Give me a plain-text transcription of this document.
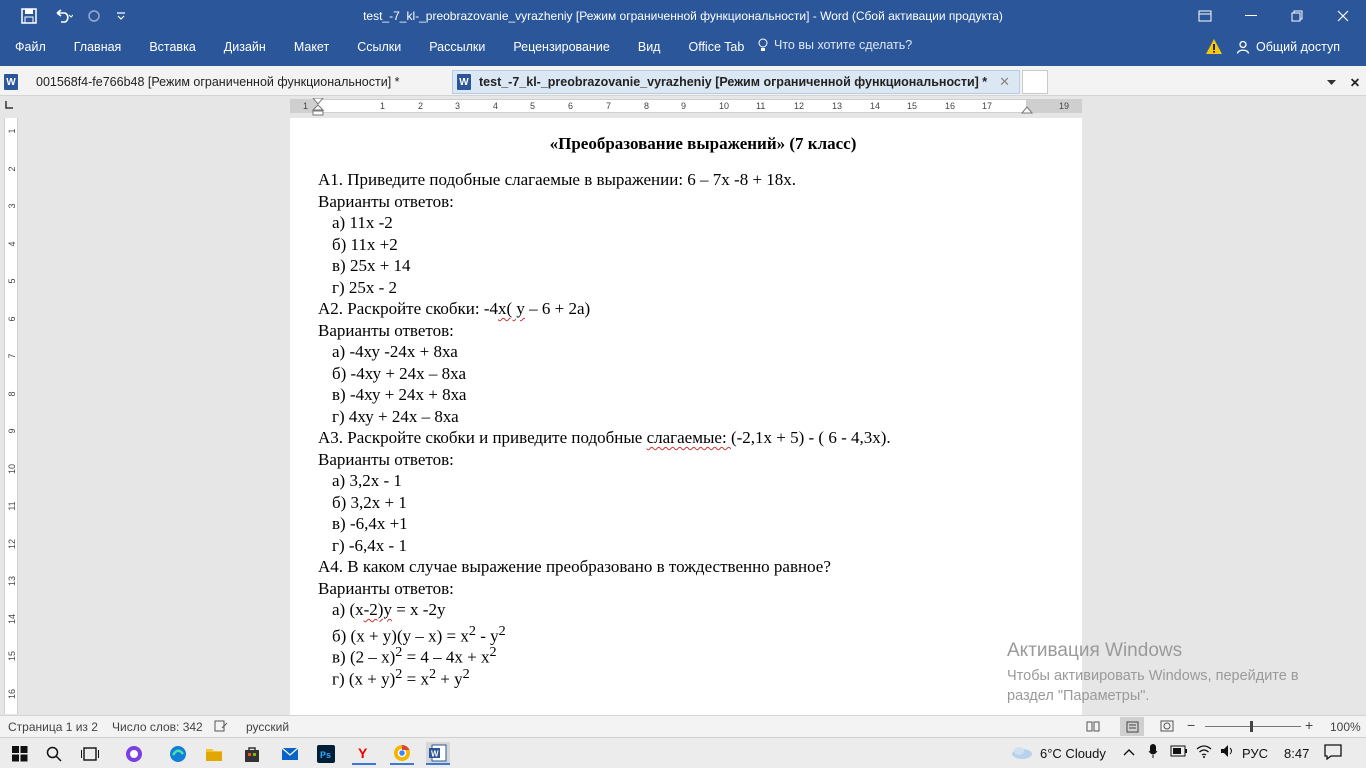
test_-7_kl-_preobrazovanie_vyrazheniy [Режим ограниченной функциональности] - Word (Сбой активации продукта)
Файл	Главная	Вставка	Дизайн	Макет	Ссылки	Рассылки	Рецензирование	Вид	Office Tab	Что вы хотите сделать?	Общий доступ
W 001568f4-fe766b48 [Режим ограниченной функциональности] *	W test_-7_kl-_preobrazovanie_vyrazheniy [Режим ограниченной функциональности] * ✕	✕
1	1	2	3	4	5	6	7	8	9	10	11	12	13	14	15	16	17	19
1
2
3
4
5
6
7
8
9
10
11
12
13
14
15
16
«Преобразование выражений» (7 класс)
А1. Приведите подобные слагаемые в выражении: 6 – 7х -8 + 18х.
Варианты ответов:
а) 11х -2
б) 11х +2
в) 25х + 14
г) 25х - 2
А2. Раскройте скобки: -4х( у – 6 + 2а)
Варианты ответов:
а) -4ху -24х + 8ха
б) -4ху + 24х – 8ха
в) -4ху + 24х + 8ха
г) 4ху + 24х – 8ха
А3. Раскройте скобки и приведите подобные слагаемые: (-2,1х + 5) - ( 6 - 4,3х).
Варианты ответов:
а) 3,2х - 1
б) 3,2х + 1
в) -6,4х +1
г) -6,4х - 1
А4. В каком случае выражение преобразовано в тождественно равное?
Варианты ответов:
а) (х-2)у = х -2у
б) $(х + у)(у - х) = х^2 - у^2$
в) $(2 - х)^2 = 4 - 4х + х^2$
г) $(х + у)^2 = х^2 + у^2$
Активация Windows
Чтобы активировать Windows, перейдите в раздел "Параметры".
Страница 1 из 2 Число слов: 342	русский	−	+ 100%
Ps Y	W	6°C Cloudy	РУС 8:47
